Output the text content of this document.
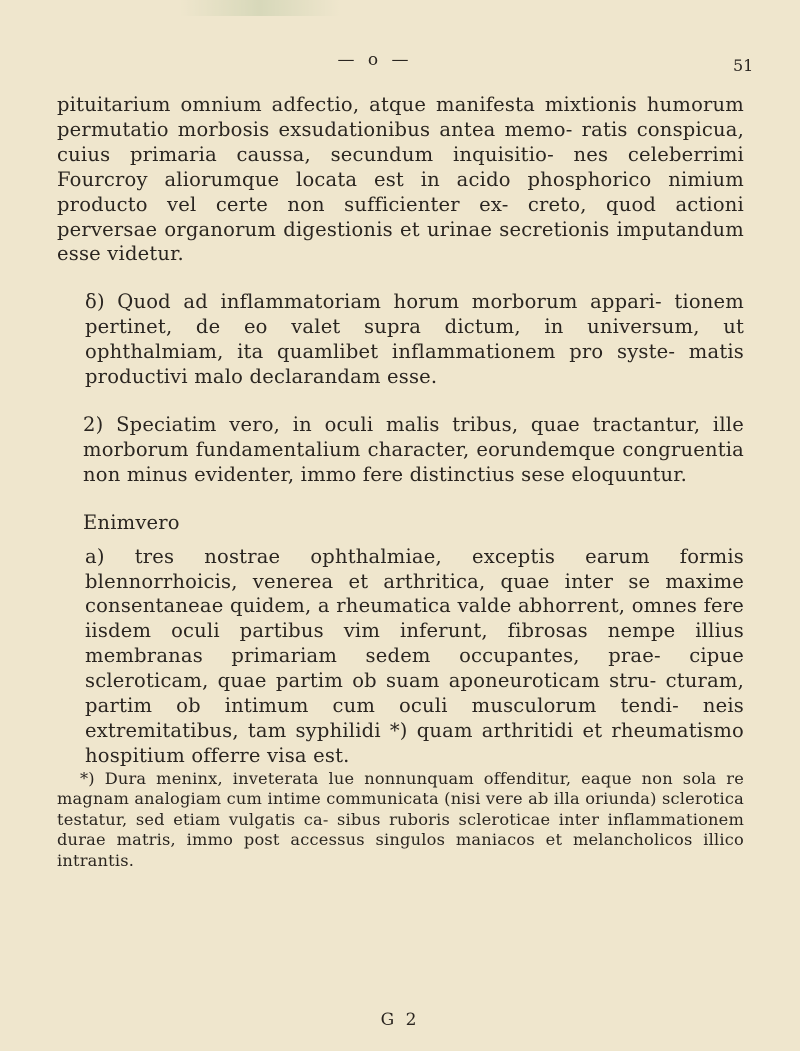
— o —	51

pituitarium omnium adfectio, atque manifesta mixtionis humorum permutatio morbosis exsudationibus antea memo- ratis conspicua, cuius primaria caussa, secundum inquisitio- nes celeberrimi Fourcroy aliorumque locata est in acido phosphorico nimium producto vel certe non sufficienter ex- creto, quod actioni perversae organorum digestionis et urinae secretionis imputandum esse videtur.

δ) Quod ad inflammatoriam horum morborum appari- tionem pertinet, de eo valet supra dictum, in universum, ut ophthalmiam, ita quamlibet inflammationem pro syste- matis productivi malo declarandam esse.

2) Speciatim vero, in oculi malis tribus, quae tractantur, ille morborum fundamentalium character, eorundemque congruentia non minus evidenter, immo fere distinctius sese eloquuntur.

Enimvero

a) tres nostrae ophthalmiae, exceptis earum formis blennorrhoicis, venerea et arthritica, quae inter se maxime consentaneae quidem, a rheumatica valde abhorrent, omnes fere iisdem oculi partibus vim inferunt, fibrosas nempe illius membranas primariam sedem occupantes, prae- cipue scleroticam, quae partim ob suam aponeuroticam stru- cturam, partim ob intimum cum oculi musculorum tendi- neis extremitatibus, tam syphilidi *) quam arthritidi et rheumatismo hospitium offerre visa est.

*) Dura meninx, inveterata lue nonnunquam offenditur, eaque non sola re magnam analogiam cum intime communicata (nisi vere ab illa oriunda) sclerotica testatur, sed etiam vulgatis ca- sibus ruboris scleroticae inter inflammationem durae matris, immo post accessus singulos maniacos et melancholicos illico intrantis.

G 2
